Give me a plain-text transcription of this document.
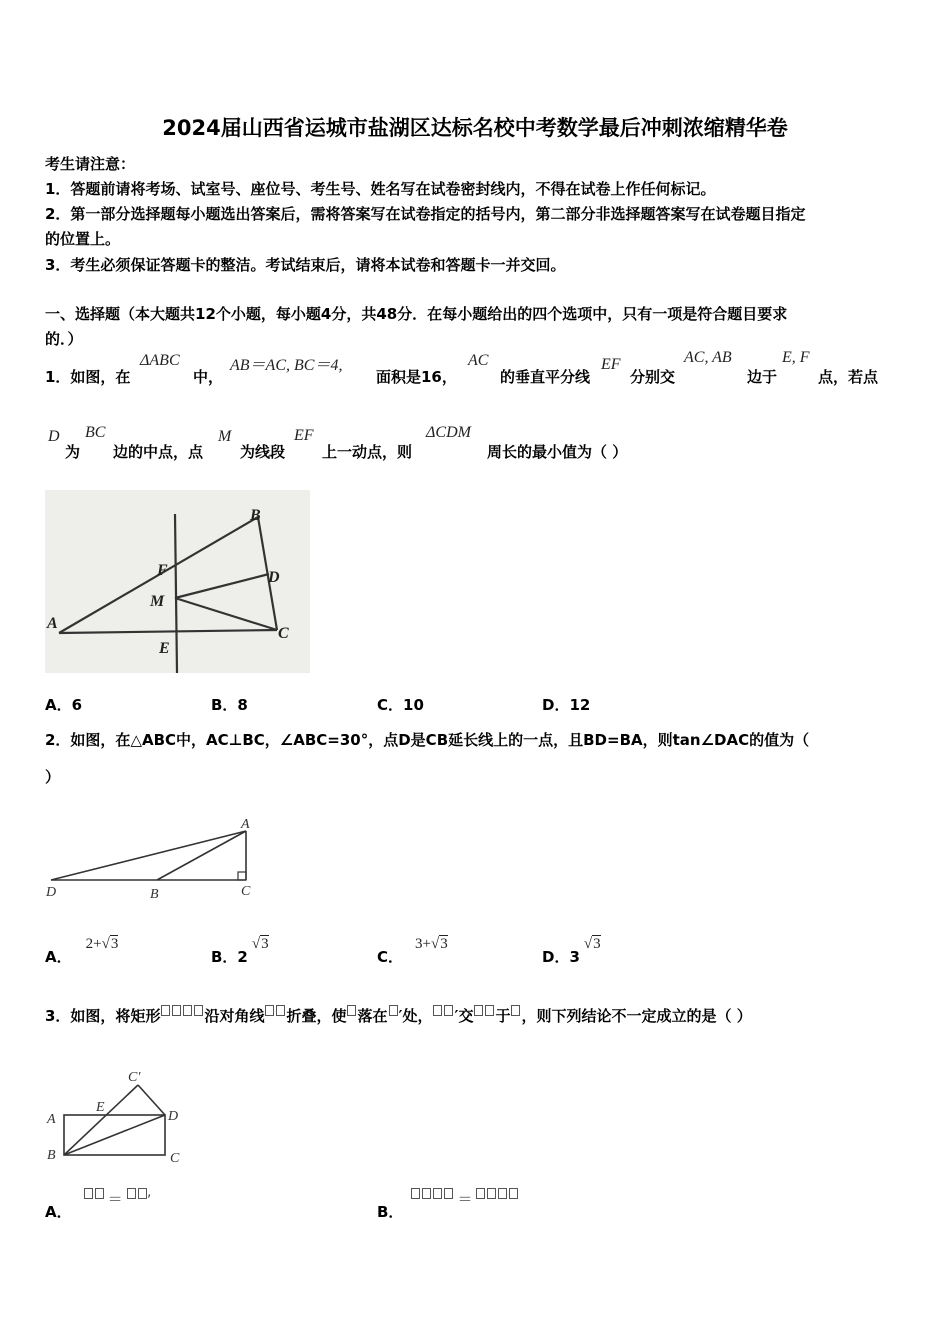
2024届山西省运城市盐湖区达标名校中考数学最后冲刺浓缩精华卷
考生请注意：
1．答题前请将考场、试室号、座位号、考生号、姓名写在试卷密封线内，不得在试卷上作任何标记。
2．第一部分选择题每小题选出答案后，需将答案写在试卷指定的括号内，第二部分非选择题答案写在试卷题目指定
的位置上。
3．考生必须保证答题卡的整洁。考试结束后，请将本试卷和答题卡一并交回。
一、选择题（本大题共12个小题，每小题4分，共48分．在每小题给出的四个选项中，只有一项是符合题目要求
的．）
1．如图，在
ΔABC
中，
AB＝AC, BC＝4,
面积是16，
AC
的垂直平分线
EF
分别交
AC, AB
边于
E, F
点，若点
D
为
BC
边的中点，点
M
为线段
EF
上一动点，则
ΔCDM
周长的最小值为（ ）
A
B
C
D
E
F
M
A．6	B．8	C．10	D．12
2．如图，在△ABC中，AC⊥BC，∠ABC=30°，点D是CB延长线上的一点，且BD=BA，则tan∠DAC的值为（
）
A
B	C
D
A．2+√3
B．2√3
C．3+√3
D．3√3
3．如图，将矩形	沿对角线 折叠，使 落在 ′处， ′交 于 ，则下列结论不一定成立的是（ ）
A
B	C
D
E
C′
A．＝ ′
B．＝
